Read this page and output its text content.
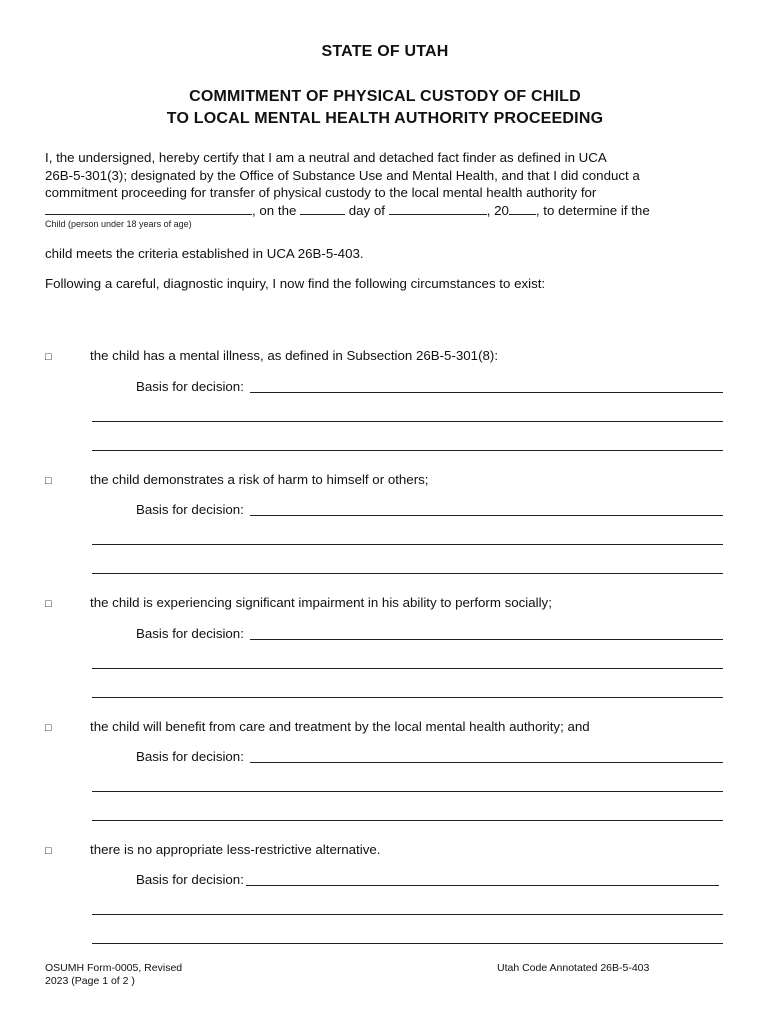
STATE OF UTAH
COMMITMENT OF PHYSICAL CUSTODY OF CHILD
TO LOCAL MENTAL HEALTH AUTHORITY PROCEEDING
I, the undersigned, hereby certify that I am a neutral and detached fact finder as defined in UCA
26B-5-301(3); designated by the Office of Substance Use and Mental Health, and that I did conduct a
commitment proceeding for transfer of physical custody to the local mental health authority for
, on the	day of	, 20 , to determine if the
Child (person under 18 years of age)
child meets the criteria established in UCA 26B-5-403.
Following a careful, diagnostic inquiry, I now find the following circumstances to exist:
□	the child has a mental illness, as defined in Subsection 26B-5-301(8):
Basis for decision:
□	the child demonstrates a risk of harm to himself or others;
Basis for decision:
□	the child is experiencing significant impairment in his ability to perform socially;
Basis for decision:
□	the child will benefit from care and treatment by the local mental health authority; and
Basis for decision:
□	there is no appropriate less-restrictive alternative.
Basis for decision:
OSUMH Form-0005, Revised
2023 (Page 1 of 2 )
Utah Code Annotated 26B-5-403
